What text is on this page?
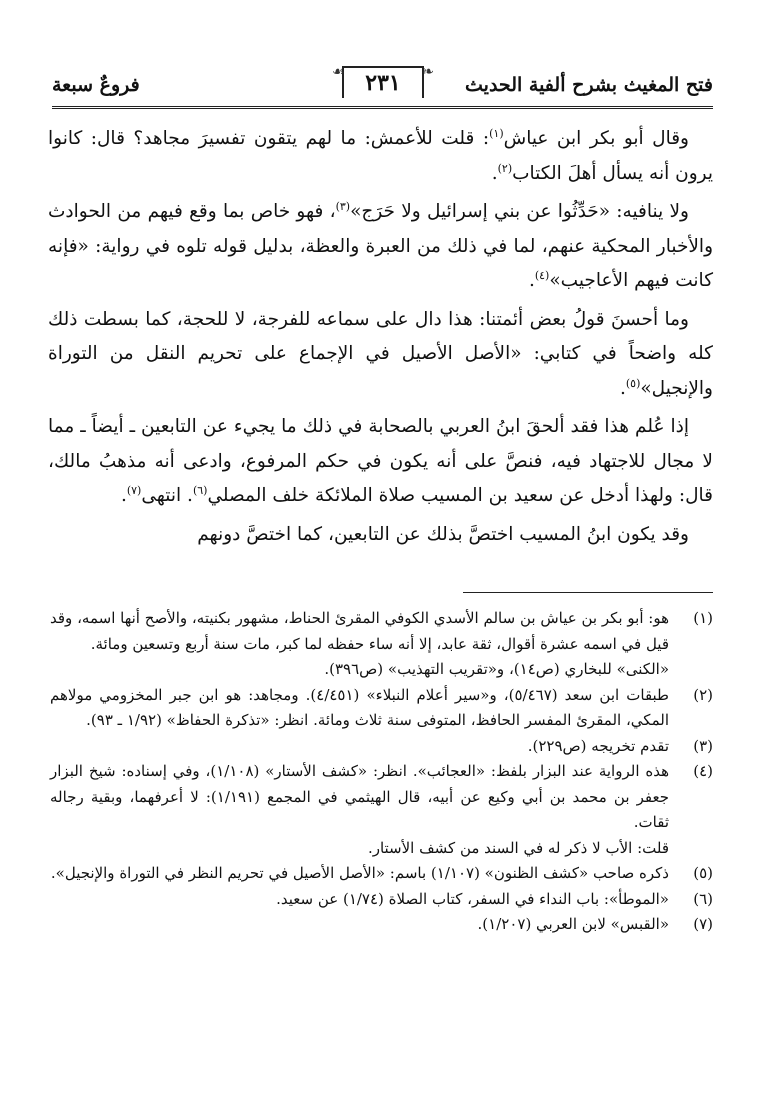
فتح المغيث بشرح ألفية الحديث
❧
٢٣١
☙
فروعٌ سبعة

وقال أبو بكر ابن عياش$^{(١)}$: قلت للأعمش: ما لهم يتقون تفسيرَ مجاهد؟ قال: كانوا يرون أنه يسأل أهلَ الكتاب$^{(٢)}$.

ولا ينافيه: «حَدِّثُوا عن بني إسرائيل ولا حَرَج»$^{(٣)}$، فهو خاص بما وقع فيهم من الحوادث والأخبار المحكية عنهم، لما في ذلك من العبرة والعظة، بدليل قوله تلوه في رواية: «فإنه كانت فيهم الأعاجيب»$^{(٤)}$.

وما أحسنَ قولُ بعض أئمتنا: هذا دال على سماعه للفرجة، لا للحجة، كما بسطت ذلك كله واضحاً في كتابي: «الأصل الأصيل في الإجماع على تحريم النقل من التوراة والإنجيل»$^{(٥)}$.

إذا عُلم هذا فقد ألحقَ ابنُ العربي بالصحابة في ذلك ما يجيء عن التابعين ـ أيضاً ـ مما لا مجال للاجتهاد فيه، فنصَّ على أنه يكون في حكم المرفوع، وادعى أنه مذهبُ مالك، قال: ولهذا أدخل عن سعيد بن المسيب صلاة الملائكة خلف المصلي$^{(٦)}$. انتهى$^{(٧)}$.

وقد يكون ابنُ المسيب اختصَّ بذلك عن التابعين، كما اختصَّ دونهم

(١)
هو: أبو بكر بن عياش بن سالم الأسدي الكوفي المقرئ الحناط، مشهور بكنيته، والأصح أنها اسمه، وقد قيل في اسمه عشرة أقوال، ثقة عابد، إلا أنه ساء حفظه لما كبر، مات سنة أربع وتسعين ومائة.
«الكنى» للبخاري (ص١٤)، و«تقريب التهذيب» (ص٣٩٦).
(٢)
طبقات ابن سعد (٥/٤٦٧)، و«سير أعلام النبلاء» (٤/٤٥١). ومجاهد: هو ابن جبر المخزومي مولاهم المكي، المقرئ المفسر الحافظ، المتوفى سنة ثلاث ومائة. انظر: «تذكرة الحفاظ» (١/٩٢ ـ ٩٣).
(٣)
تقدم تخريجه (ص٢٢٩).
(٤)
هذه الرواية عند البزار بلفظ: «العجائب». انظر: «كشف الأستار» (١/١٠٨)، وفي إسناده: شيخ البزار جعفر بن محمد بن أبي وكيع عن أبيه، قال الهيثمي في المجمع (١/١٩١): لا أعرفهما، وبقية رجاله ثقات.
قلت: الأب لا ذكر له في السند من كشف الأستار.
(٥)
ذكره صاحب «كشف الظنون» (١/١٠٧) باسم: «الأصل الأصيل في تحريم النظر في التوراة والإنجيل».
(٦)
«الموطأ»: باب النداء في السفر، كتاب الصلاة (١/٧٤) عن سعيد.
(٧)
«القبس» لابن العربي (١/٢٠٧).
